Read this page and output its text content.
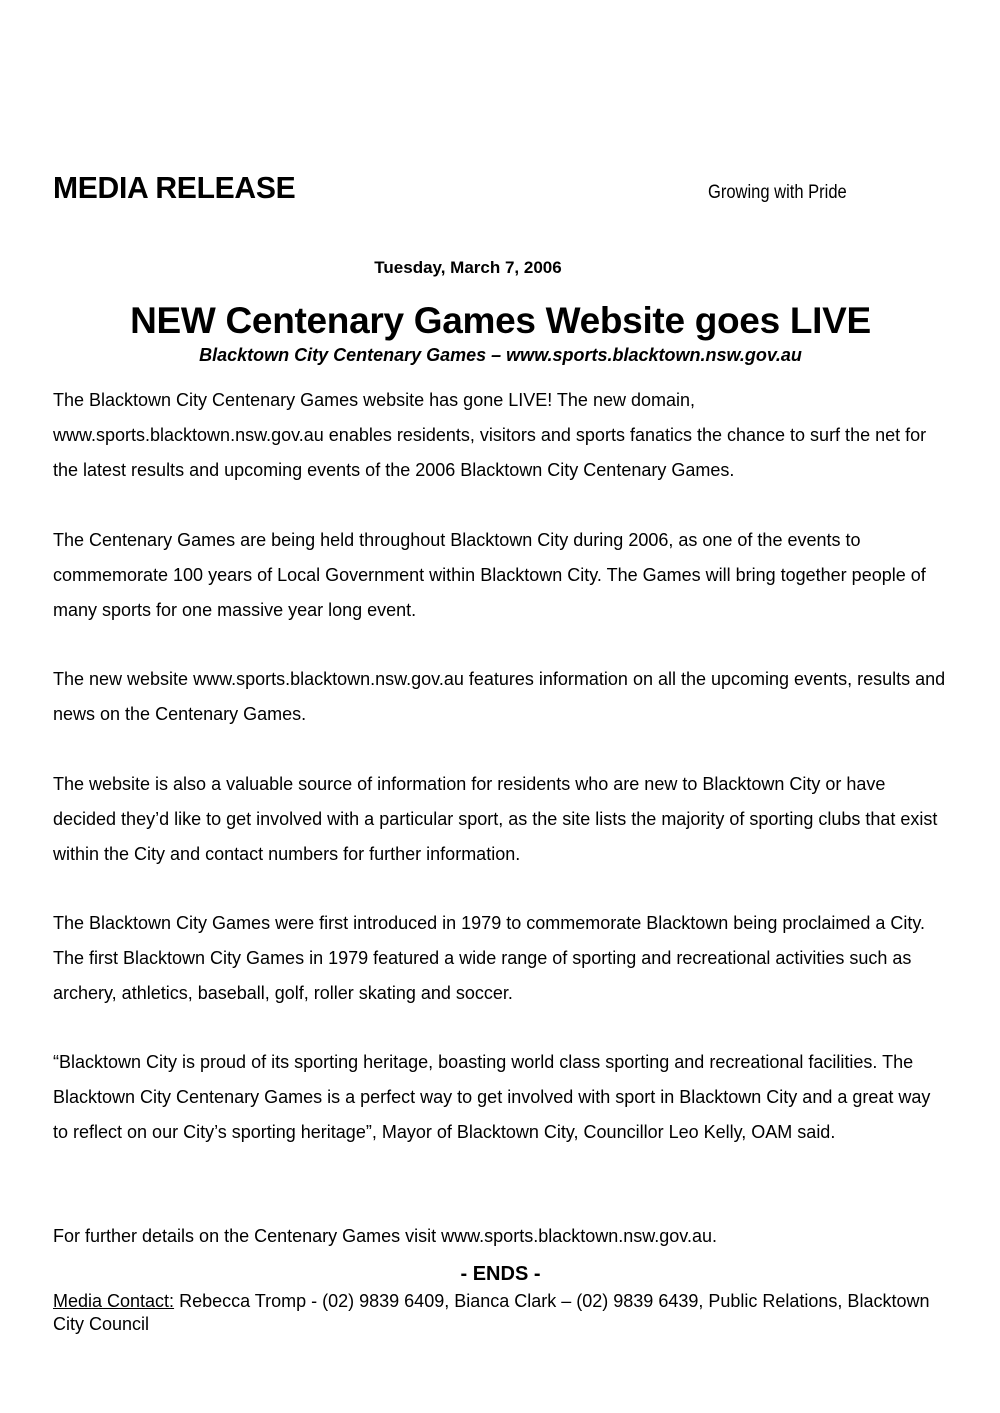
MEDIA RELEASE	Growing with Pride
Tuesday, March 7, 2006
NEW Centenary Games Website goes LIVE
Blacktown City Centenary Games – www.sports.blacktown.nsw.gov.au

The Blacktown City Centenary Games website has gone LIVE! The new domain, www.sports.blacktown.nsw.gov.au enables residents, visitors and sports fanatics the chance to surf the net for the latest results and upcoming events of the 2006 Blacktown City Centenary Games.

The Centenary Games are being held throughout Blacktown City during 2006, as one of the events to commemorate 100 years of Local Government within Blacktown City. The Games will bring together people of many sports for one massive year long event.

The new website www.sports.blacktown.nsw.gov.au features information on all the upcoming events, results and news on the Centenary Games.

The website is also a valuable source of information for residents who are new to Blacktown City or have decided they’d like to get involved with a particular sport, as the site lists the majority of sporting clubs that exist within the City and contact numbers for further information.

The Blacktown City Games were first introduced in 1979 to commemorate Blacktown being proclaimed a City. The first Blacktown City Games in 1979 featured a wide range of sporting and recreational activities such as archery, athletics, baseball, golf, roller skating and soccer.

“Blacktown City is proud of its sporting heritage, boasting world class sporting and recreational facilities. The Blacktown City Centenary Games is a perfect way to get involved with sport in Blacktown City and a great way to reflect on our City’s sporting heritage”, Mayor of Blacktown City, Councillor Leo Kelly, OAM said.

For further details on the Centenary Games visit www.sports.blacktown.nsw.gov.au.

- ENDS -
Media Contact: Rebecca Tromp - (02) 9839 6409, Bianca Clark – (02) 9839 6439, Public Relations, Blacktown City Council
